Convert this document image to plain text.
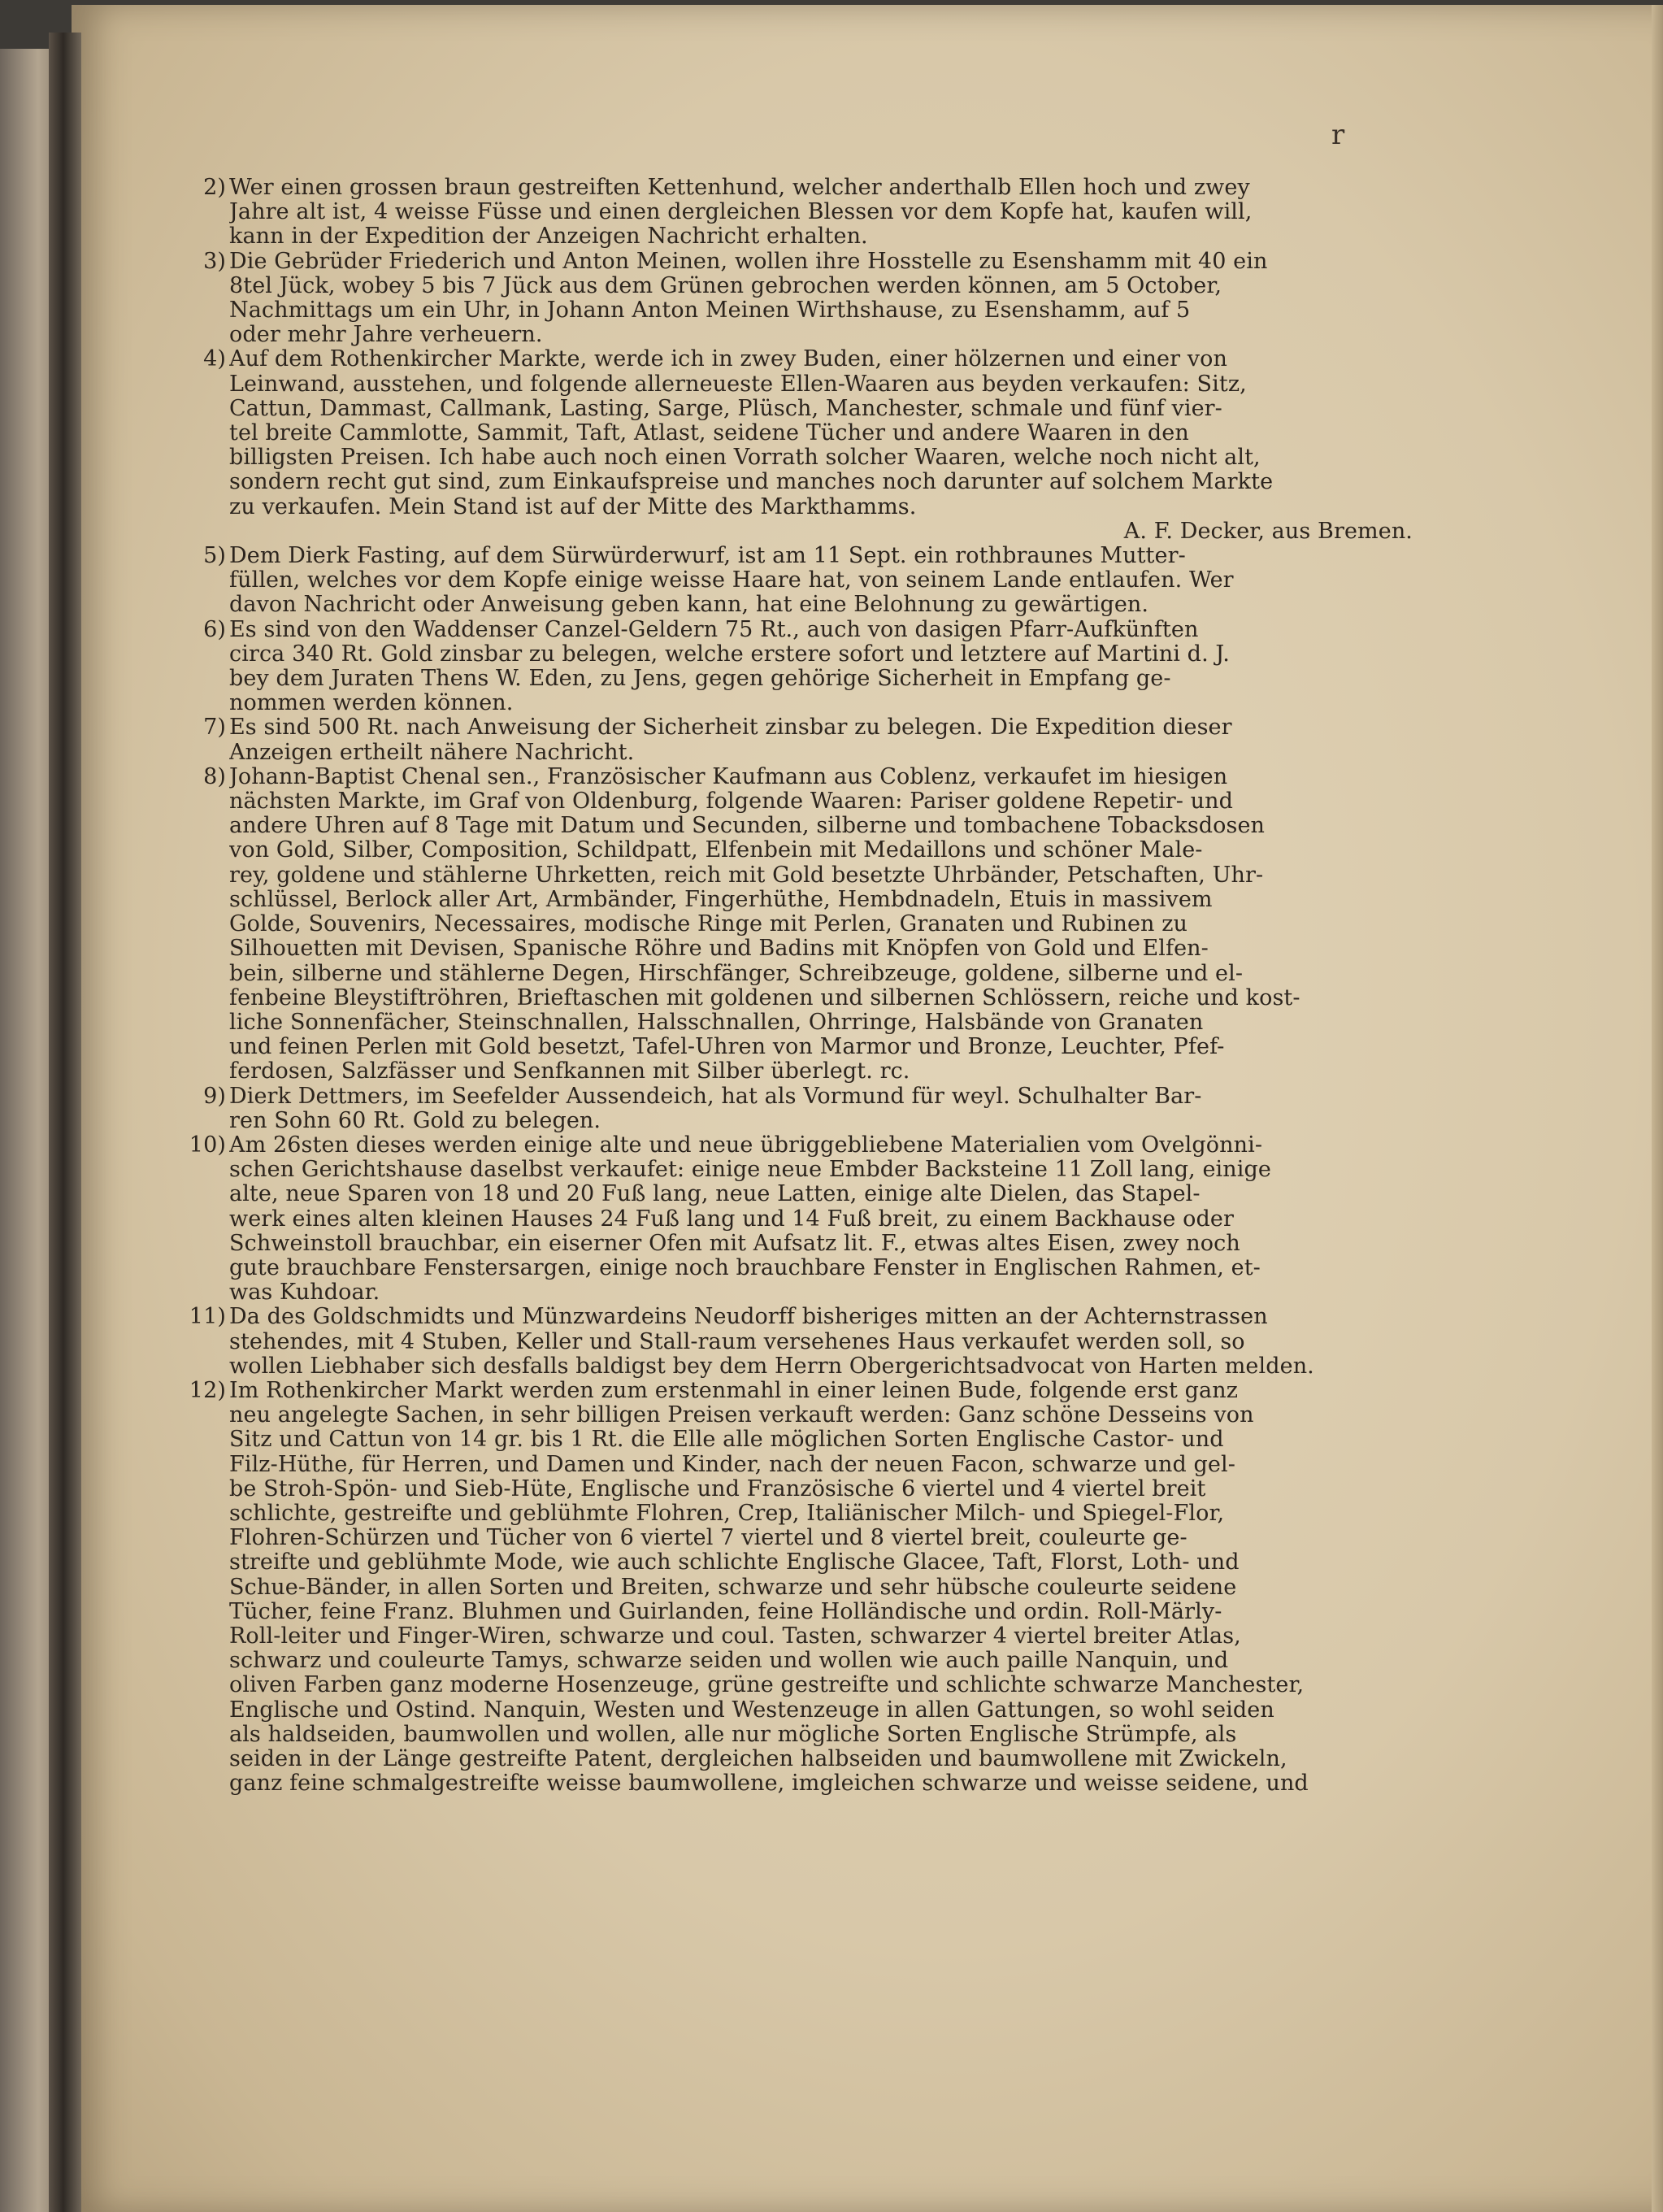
r
2) Wer einen grossen braun gestreiften Kettenhund, welcher anderthalb Ellen hoch und zwey
Jahre alt ist, 4 weisse Füsse und einen dergleichen Blessen vor dem Kopfe hat, kaufen will,
kann in der Expedition der Anzeigen Nachricht erhalten.
3) Die Gebrüder Friederich und Anton Meinen, wollen ihre Hosstelle zu Esenshamm mit 40 ein
8tel Jück, wobey 5 bis 7 Jück aus dem Grünen gebrochen werden können, am 5 October,
Nachmittags um ein Uhr, in Johann Anton Meinen Wirthshause, zu Esenshamm, auf 5
oder mehr Jahre verheuern.
4) Auf dem Rothenkircher Markte, werde ich in zwey Buden, einer hölzernen und einer von
Leinwand, ausstehen, und folgende allerneueste Ellen-Waaren aus beyden verkaufen: Sitz,
Cattun, Dammast, Callmank, Lasting, Sarge, Plüsch, Manchester, schmale und fünf vier-
tel breite Cammlotte, Sammit, Taft, Atlast, seidene Tücher und andere Waaren in den
billigsten Preisen. Ich habe auch noch einen Vorrath solcher Waaren, welche noch nicht alt,
sondern recht gut sind, zum Einkaufspreise und manches noch darunter auf solchem Markte
zu verkaufen. Mein Stand ist auf der Mitte des Markthamms.
A. F. Decker, aus Bremen.
5) Dem Dierk Fasting, auf dem Sürwürderwurf, ist am 11 Sept. ein rothbraunes Mutter-
füllen, welches vor dem Kopfe einige weisse Haare hat, von seinem Lande entlaufen. Wer
davon Nachricht oder Anweisung geben kann, hat eine Belohnung zu gewärtigen.
6) Es sind von den Waddenser Canzel-Geldern 75 Rt., auch von dasigen Pfarr-Aufkünften
circa 340 Rt. Gold zinsbar zu belegen, welche erstere sofort und letztere auf Martini d. J.
bey dem Juraten Thens W. Eden, zu Jens, gegen gehörige Sicherheit in Empfang ge-
nommen werden können.
7) Es sind 500 Rt. nach Anweisung der Sicherheit zinsbar zu belegen. Die Expedition dieser
Anzeigen ertheilt nähere Nachricht.
8) Johann-Baptist Chenal sen., Französischer Kaufmann aus Coblenz, verkaufet im hiesigen
nächsten Markte, im Graf von Oldenburg, folgende Waaren: Pariser goldene Repetir- und
andere Uhren auf 8 Tage mit Datum und Secunden, silberne und tombachene Tobacksdosen
von Gold, Silber, Composition, Schildpatt, Elfenbein mit Medaillons und schöner Male-
rey, goldene und stählerne Uhrketten, reich mit Gold besetzte Uhrbänder, Petschaften, Uhr-
schlüssel, Berlock aller Art, Armbänder, Fingerhüthe, Hembdnadeln, Etuis in massivem
Golde, Souvenirs, Necessaires, modische Ringe mit Perlen, Granaten und Rubinen zu
Silhouetten mit Devisen, Spanische Röhre und Badins mit Knöpfen von Gold und Elfen-
bein, silberne und stählerne Degen, Hirschfänger, Schreibzeuge, goldene, silberne und el-
fenbeine Bleystiftröhren, Brieftaschen mit goldenen und silbernen Schlössern, reiche und kost-
liche Sonnenfächer, Steinschnallen, Halsschnallen, Ohrringe, Halsbände von Granaten
und feinen Perlen mit Gold besetzt, Tafel-Uhren von Marmor und Bronze, Leuchter, Pfef-
ferdosen, Salzfässer und Senfkannen mit Silber überlegt. rc.
9) Dierk Dettmers, im Seefelder Aussendeich, hat als Vormund für weyl. Schulhalter Bar-
ren Sohn 60 Rt. Gold zu belegen.
10) Am 26sten dieses werden einige alte und neue übriggebliebene Materialien vom Ovelgönni-
schen Gerichtshause daselbst verkaufet: einige neue Embder Backsteine 11 Zoll lang, einige
alte, neue Sparen von 18 und 20 Fuß lang, neue Latten, einige alte Dielen, das Stapel-
werk eines alten kleinen Hauses 24 Fuß lang und 14 Fuß breit, zu einem Backhause oder
Schweinstoll brauchbar, ein eiserner Ofen mit Aufsatz lit. F., etwas altes Eisen, zwey noch
gute brauchbare Fenstersargen, einige noch brauchbare Fenster in Englischen Rahmen, et-
was Kuhdoar.
11) Da des Goldschmidts und Münzwardeins Neudorff bisheriges mitten an der Achternstrassen
stehendes, mit 4 Stuben, Keller und Stall-raum versehenes Haus verkaufet werden soll, so
wollen Liebhaber sich desfalls baldigst bey dem Herrn Obergerichtsadvocat von Harten melden.
12) Im Rothenkircher Markt werden zum erstenmahl in einer leinen Bude, folgende erst ganz
neu angelegte Sachen, in sehr billigen Preisen verkauft werden: Ganz schöne Desseins von
Sitz und Cattun von 14 gr. bis 1 Rt. die Elle alle möglichen Sorten Englische Castor- und
Filz-Hüthe, für Herren, und Damen und Kinder, nach der neuen Facon, schwarze und gel-
be Stroh-Spön- und Sieb-Hüte, Englische und Französische 6 viertel und 4 viertel breit
schlichte, gestreifte und geblühmte Flohren, Crep, Italiänischer Milch- und Spiegel-Flor,
Flohren-Schürzen und Tücher von 6 viertel 7 viertel und 8 viertel breit, couleurte ge-
streifte und geblühmte Mode, wie auch schlichte Englische Glacee, Taft, Florst, Loth- und
Schue-Bänder, in allen Sorten und Breiten, schwarze und sehr hübsche couleurte seidene
Tücher, feine Franz. Bluhmen und Guirlanden, feine Holländische und ordin. Roll-Märly-
Roll-leiter und Finger-Wiren, schwarze und coul. Tasten, schwarzer 4 viertel breiter Atlas,
schwarz und couleurte Tamys, schwarze seiden und wollen wie auch paille Nanquin, und
oliven Farben ganz moderne Hosenzeuge, grüne gestreifte und schlichte schwarze Manchester,
Englische und Ostind. Nanquin, Westen und Westenzeuge in allen Gattungen, so wohl seiden
als haldseiden, baumwollen und wollen, alle nur mögliche Sorten Englische Strümpfe, als
seiden in der Länge gestreifte Patent, dergleichen halbseiden und baumwollene mit Zwickeln,
ganz feine schmalgestreifte weisse baumwollene, imgleichen schwarze und weisse seidene, und
